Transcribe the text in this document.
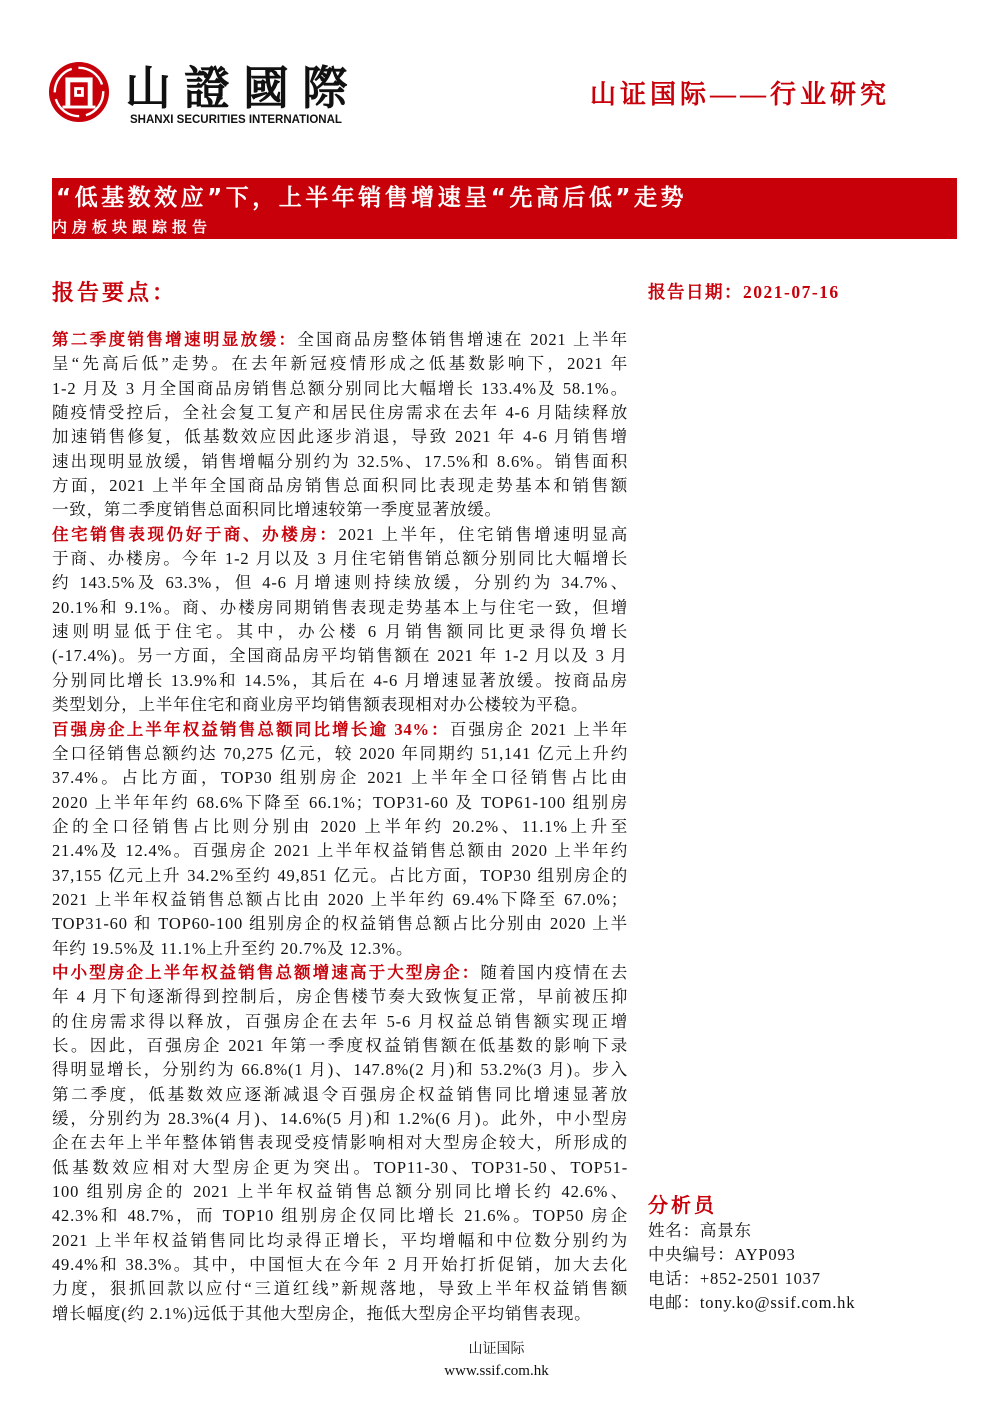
山證國際
SHANXI SECURITIES INTERNATIONAL
山证国际——行业研究
“低基数效应”下，上半年销售增速呈“先高后低”走势
内房板块跟踪报告
报告要点：	报告日期：2021-07-16
第二季度销售增速明显放缓：全国商品房整体销售增速在 2021 上半年
呈“先高后低”走势。在去年新冠疫情形成之低基数影响下，2021 年
1-2 月及 3 月全国商品房销售总额分别同比大幅增长 133.4%及 58.1%。
随疫情受控后，全社会复工复产和居民住房需求在去年 4-6 月陆续释放
加速销售修复，低基数效应因此逐步消退，导致 2021 年 4-6 月销售增
速出现明显放缓，销售增幅分别约为 32.5%、17.5%和 8.6%。销售面积
方面，2021 上半年全国商品房销售总面积同比表现走势基本和销售额
一致，第二季度销售总面积同比增速较第一季度显著放缓。
住宅销售表现仍好于商、办楼房：2021 上半年，住宅销售增速明显高
于商、办楼房。今年 1-2 月以及 3 月住宅销售销总额分别同比大幅增长
约 143.5%及 63.3%，但 4-6 月增速则持续放缓，分别约为 34.7%、
20.1%和 9.1%。商、办楼房同期销售表现走势基本上与住宅一致，但增
速则明显低于住宅。其中，办公楼 6 月销售额同比更录得负增长
(-17.4%)。另一方面，全国商品房平均销售额在 2021 年 1-2 月以及 3 月
分别同比增长 13.9%和 14.5%，其后在 4-6 月增速显著放缓。按商品房
类型划分，上半年住宅和商业房平均销售额表现相对办公楼较为平稳。
百强房企上半年权益销售总额同比增长逾 34%：百强房企 2021 上半年
全口径销售总额约达 70,275 亿元，较 2020 年同期约 51,141 亿元上升约
37.4%。占比方面，TOP30 组别房企 2021 上半年全口径销售占比由
2020 上半年年约 68.6%下降至 66.1%；TOP31-60 及 TOP61-100 组别房
企的全口径销售占比则分别由 2020 上半年约 20.2%、11.1%上升至
21.4%及 12.4%。百强房企 2021 上半年权益销售总额由 2020 上半年约
37,155 亿元上升 34.2%至约 49,851 亿元。占比方面，TOP30 组别房企的
2021 上半年权益销售总额占比由 2020 上半年约 69.4%下降至 67.0%；
TOP31-60 和 TOP60-100 组别房企的权益销售总额占比分别由 2020 上半
年约 19.5%及 11.1%上升至约 20.7%及 12.3%。
中小型房企上半年权益销售总额增速高于大型房企：随着国内疫情在去
年 4 月下旬逐渐得到控制后，房企售楼节奏大致恢复正常，早前被压抑
的住房需求得以释放，百强房企在去年 5-6 月权益总销售额实现正增
长。因此，百强房企 2021 年第一季度权益销售额在低基数的影响下录
得明显增长，分别约为 66.8%(1 月)、147.8%(2 月)和 53.2%(3 月)。步入
第二季度，低基数效应逐渐减退令百强房企权益销售同比增速显著放
缓，分别约为 28.3%(4 月)、14.6%(5 月)和 1.2%(6 月)。此外，中小型房
企在去年上半年整体销售表现受疫情影响相对大型房企较大，所形成的
低基数效应相对大型房企更为突出。TOP11-30、TOP31-50、TOP51-
100 组别房企的 2021 上半年权益销售总额分别同比增长约 42.6%、
42.3%和 48.7%，而 TOP10 组别房企仅同比增长 21.6%。TOP50 房企
2021 上半年权益销售同比均录得正增长，平均增幅和中位数分别约为
49.4%和 38.3%。其中，中国恒大在今年 2 月开始打折促销，加大去化
力度，狠抓回款以应付“三道红线”新规落地，导致上半年权益销售额
增长幅度(约 2.1%)远低于其他大型房企，拖低大型房企平均销售表现。
分析员
姓名：高景东
中央编号：AYP093
电话：+852-2501 1037
电邮：tony.ko@ssif.com.hk
山证国际
www.ssif.com.hk
